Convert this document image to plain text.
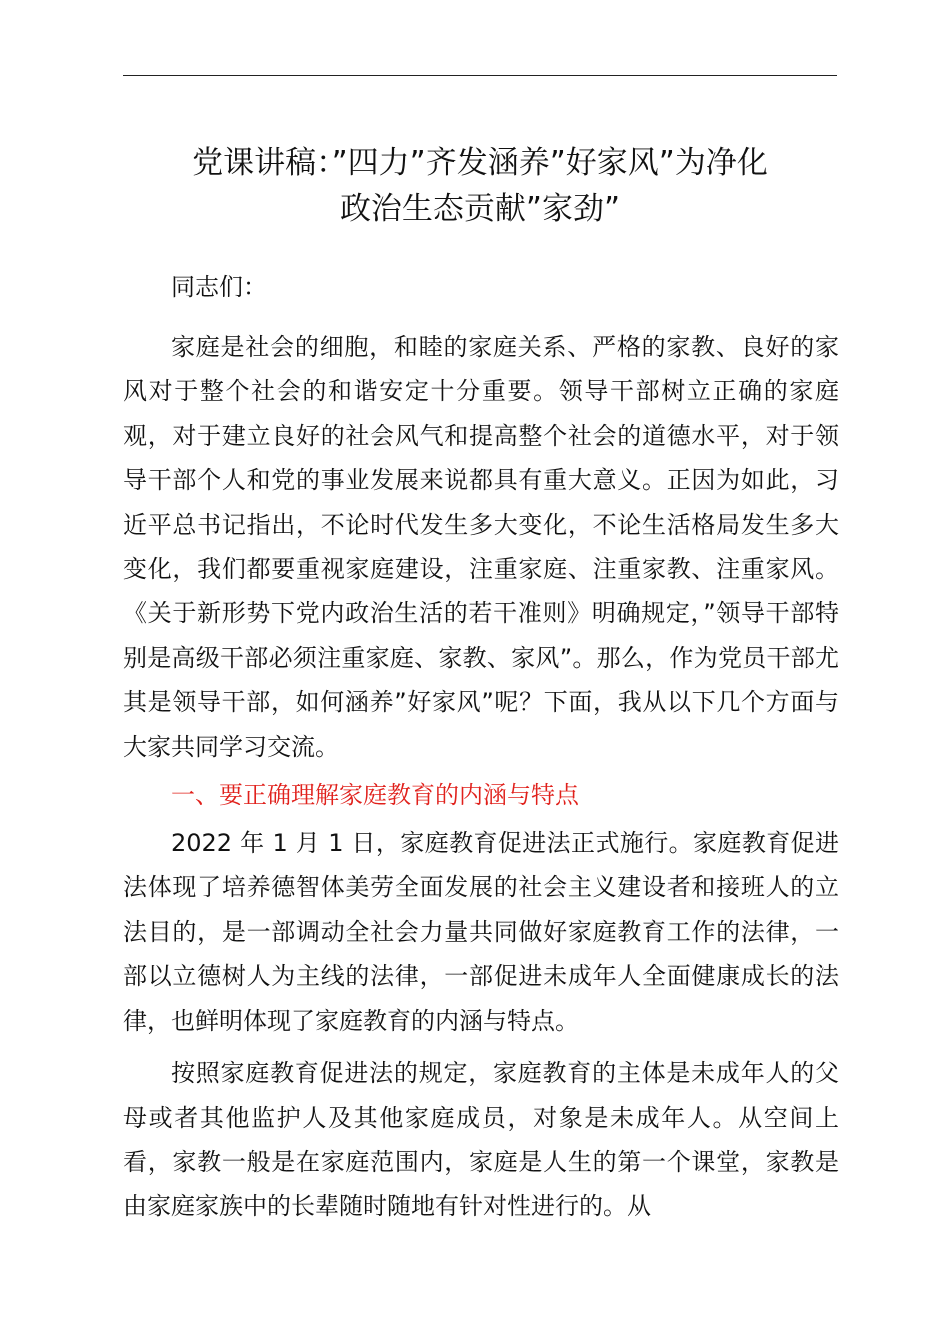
党课讲稿：”四力”齐发涵养”好家风”为净化
政治生态贡献”家劲”

同志们：

家庭是社会的细胞，和睦的家庭关系、严格的家教、良好的家风对于整个社会的和谐安定十分重要。领导干部树立正确的家庭观，对于建立良好的社会风气和提高整个社会的道德水平，对于领导干部个人和党的事业发展来说都具有重大意义。正因为如此，习近平总书记指出，不论时代发生多大变化，不论生活格局发生多大变化，我们都要重视家庭建设，注重家庭、注重家教、注重家风。《关于新形势下党内政治生活的若干准则》明确规定，”领导干部特别是高级干部必须注重家庭、家教、家风”。那么，作为党员干部尤其是领导干部，如何涵养”好家风”呢？下面，我从以下几个方面与大家共同学习交流。

一、要正确理解家庭教育的内涵与特点

2022 年 1 月 1 日，家庭教育促进法正式施行。家庭教育促进法体现了培养德智体美劳全面发展的社会主义建设者和接班人的立法目的，是一部调动全社会力量共同做好家庭教育工作的法律，一部以立德树人为主线的法律，一部促进未成年人全面健康成长的法律，也鲜明体现了家庭教育的内涵与特点。

按照家庭教育促进法的规定，家庭教育的主体是未成年人的父母或者其他监护人及其他家庭成员，对象是未成年人。从空间上看，家教一般是在家庭范围内，家庭是人生的第一个课堂，家教是由家庭家族中的长辈随时随地有针对性进行的。从
